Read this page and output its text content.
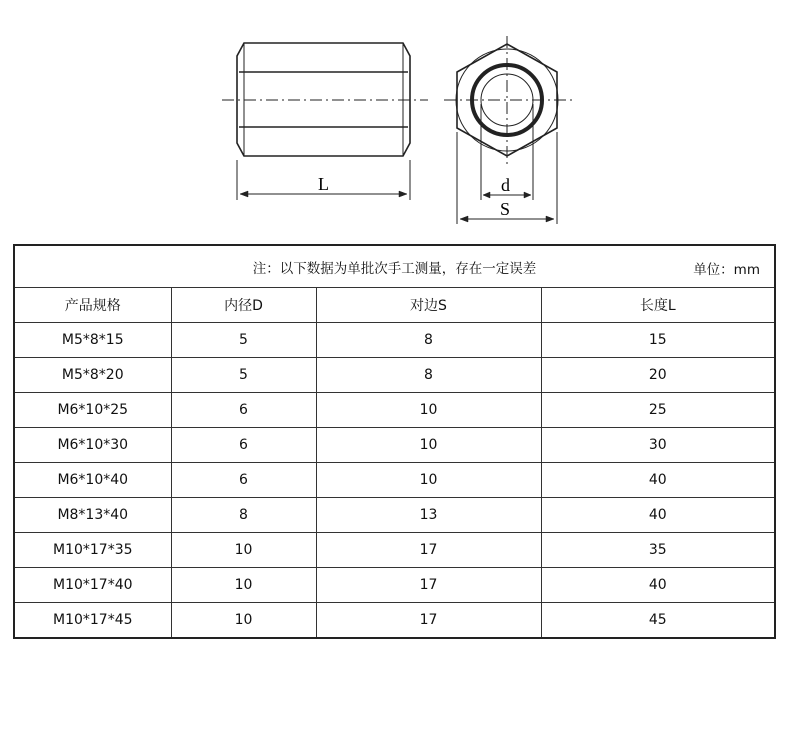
L	d
S
注：以下数据为单批次手工测量，存在一定误差 单位：mm			

产品规格	内径D	对边S	长度L
M5*8*15	5	8	15
M5*8*20	5	8	20
M6*10*25	6	10	25
M6*10*30	6	10	30
M6*10*40	6	10	40
M8*13*40	8	13	40
M10*17*35	10	17	35
M10*17*40	10	17	40
M10*17*45	10	17	45
